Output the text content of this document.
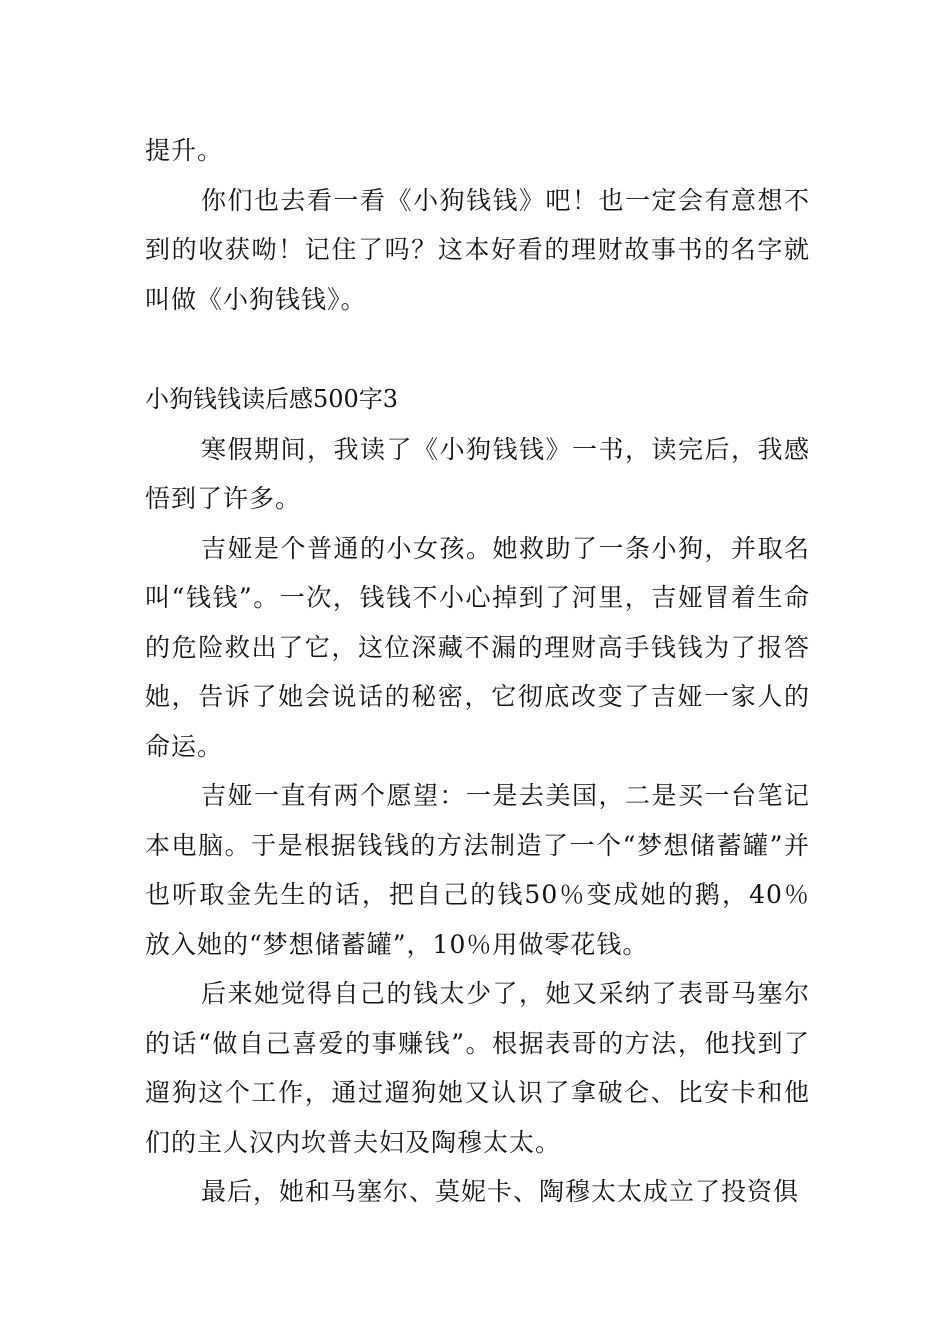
提升。

你们也去看一看《小狗钱钱》吧！也一定会有意想不到的收获呦！记住了吗？这本好看的理财故事书的名字就叫做《小狗钱钱》。

小狗钱钱读后感500字3

寒假期间，我读了《小狗钱钱》一书，读完后，我感悟到了许多。

吉娅是个普通的小女孩。她救助了一条小狗，并取名叫“钱钱”。一次，钱钱不小心掉到了河里，吉娅冒着生命的危险救出了它，这位深藏不漏的理财高手钱钱为了报答她，告诉了她会说话的秘密，它彻底改变了吉娅一家人的命运。

吉娅一直有两个愿望：一是去美国，二是买一台笔记本电脑。于是根据钱钱的方法制造了一个“梦想储蓄罐”并也听取金先生的话，把自己的钱50％变成她的鹅，40％放入她的“梦想储蓄罐”，10％用做零花钱。

后来她觉得自己的钱太少了，她又采纳了表哥马塞尔的话“做自己喜爱的事赚钱”。根据表哥的方法，他找到了遛狗这个工作，通过遛狗她又认识了拿破仑、比安卡和他们的主人汉内坎普夫妇及陶穆太太。

最后，她和马塞尔、莫妮卡、陶穆太太成立了投资俱
